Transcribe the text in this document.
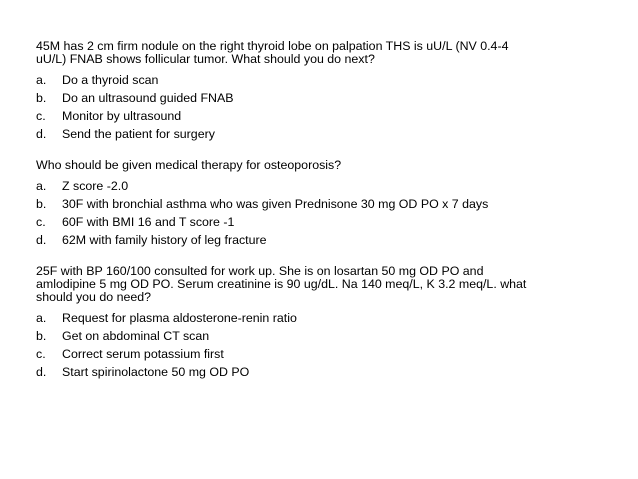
45M has 2 cm firm nodule on the right thyroid lobe on palpation THS is uU/L (NV 0.4-4
uU/L) FNAB shows follicular tumor. What should you do next?
a.	Do a thyroid scan
b.	Do an ultrasound guided FNAB
c.	Monitor by ultrasound
d.	Send the patient for surgery
Who should be given medical therapy for osteoporosis?
a.	Z score -2.0
b.	30F with bronchial asthma who was given Prednisone 30 mg OD PO x 7 days
c.	60F with BMI 16 and T score -1
d.	62M with family history of leg fracture
25F with BP 160/100 consulted for work up. She is on losartan 50 mg OD PO and
amlodipine 5 mg OD PO. Serum creatinine is 90 ug/dL. Na 140 meq/L, K 3.2 meq/L. what
should you do need?
a.	Request for plasma aldosterone-renin ratio
b.	Get on abdominal CT scan
c.	Correct serum potassium first
d.	Start spirinolactone 50 mg OD PO
